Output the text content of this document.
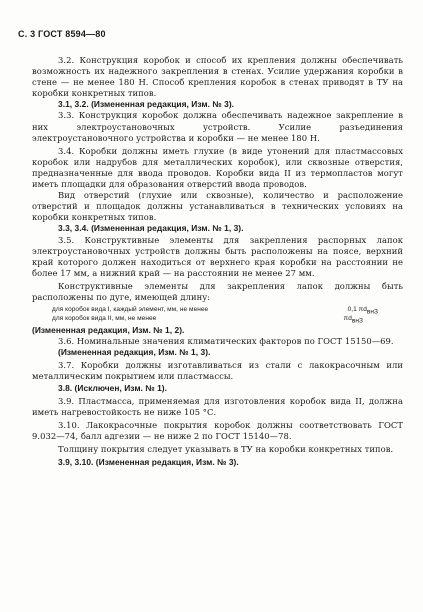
С. 3 ГОСТ 8594—80

3.2. Конструкция коробок и способ их крепления должны обеспечивать возможность их надежного закрепления в стенах. Усилие удержания коробки в стене — не менее 180 Н. Способ крепления коробок в стенах приводят в ТУ на коробки конкретных типов.

3.1, 3.2. (Измененная редакция, Изм. № 3).

3.3. Конструкция коробок должна обеспечивать надежное закрепление в них электроустановочных устройств. Усилие разъединения электроустановочного устройства и коробки — не менее 180 Н.

3.4. Коробки должны иметь глухие (в виде утонений для пластмассовых коробок или надрубов для металлических коробок), или сквозные отверстия, предназначенные для ввода проводов. Коробки вида II из термопластов могут иметь площадки для образования отверстий ввода проводов.

Вид отверстий (глухие или сквозные), количество и расположение отверстий и площадок должны устанавливаться в технических условиях на коробки конкретных типов.

3.3, 3.4. (Измененная редакция, Изм. № 1, 3).

3.5. Конструктивные элементы для закрепления распорных лапок электроустановочных устройств должны быть расположены на поясе, верхний край которого должен находиться от верхнего края коробки на расстоянии не более 17 мм, а нижний край — на расстоянии не менее 27 мм.

Конструктивные элементы для закрепления лапок должны быть расположены по дуге, имеющей длину:

для коробок вида I, каждый элемент, мм, не менее	0,1 $\pi d_{внЗ}$
для коробок вида II, мм, не менее	$\pi d_{внЗ}$

(Измененная редакция, Изм. № 1, 2).

3.6. Номинальные значения климатических факторов по ГОСТ 15150—69.

(Измененная редакция, Изм. № 1, 3).

3.7. Коробки должны изготавливаться из стали с лакокрасочным или металлическим покрытием или пластмассы.

3.8. (Исключен, Изм. № 1).

3.9. Пластмасса, применяемая для изготовления коробок вида II, должна иметь нагревостойкость не ниже 105 °С.

3.10. Лакокрасочные покрытия коробок должны соответствовать ГОСТ 9.032—74, балл адгезии — не ниже 2 по ГОСТ 15140—78.

Толщину покрытия следует указывать в ТУ на коробки конкретных типов.

3.9, 3.10. (Измененная редакция, Изм. № 3).
